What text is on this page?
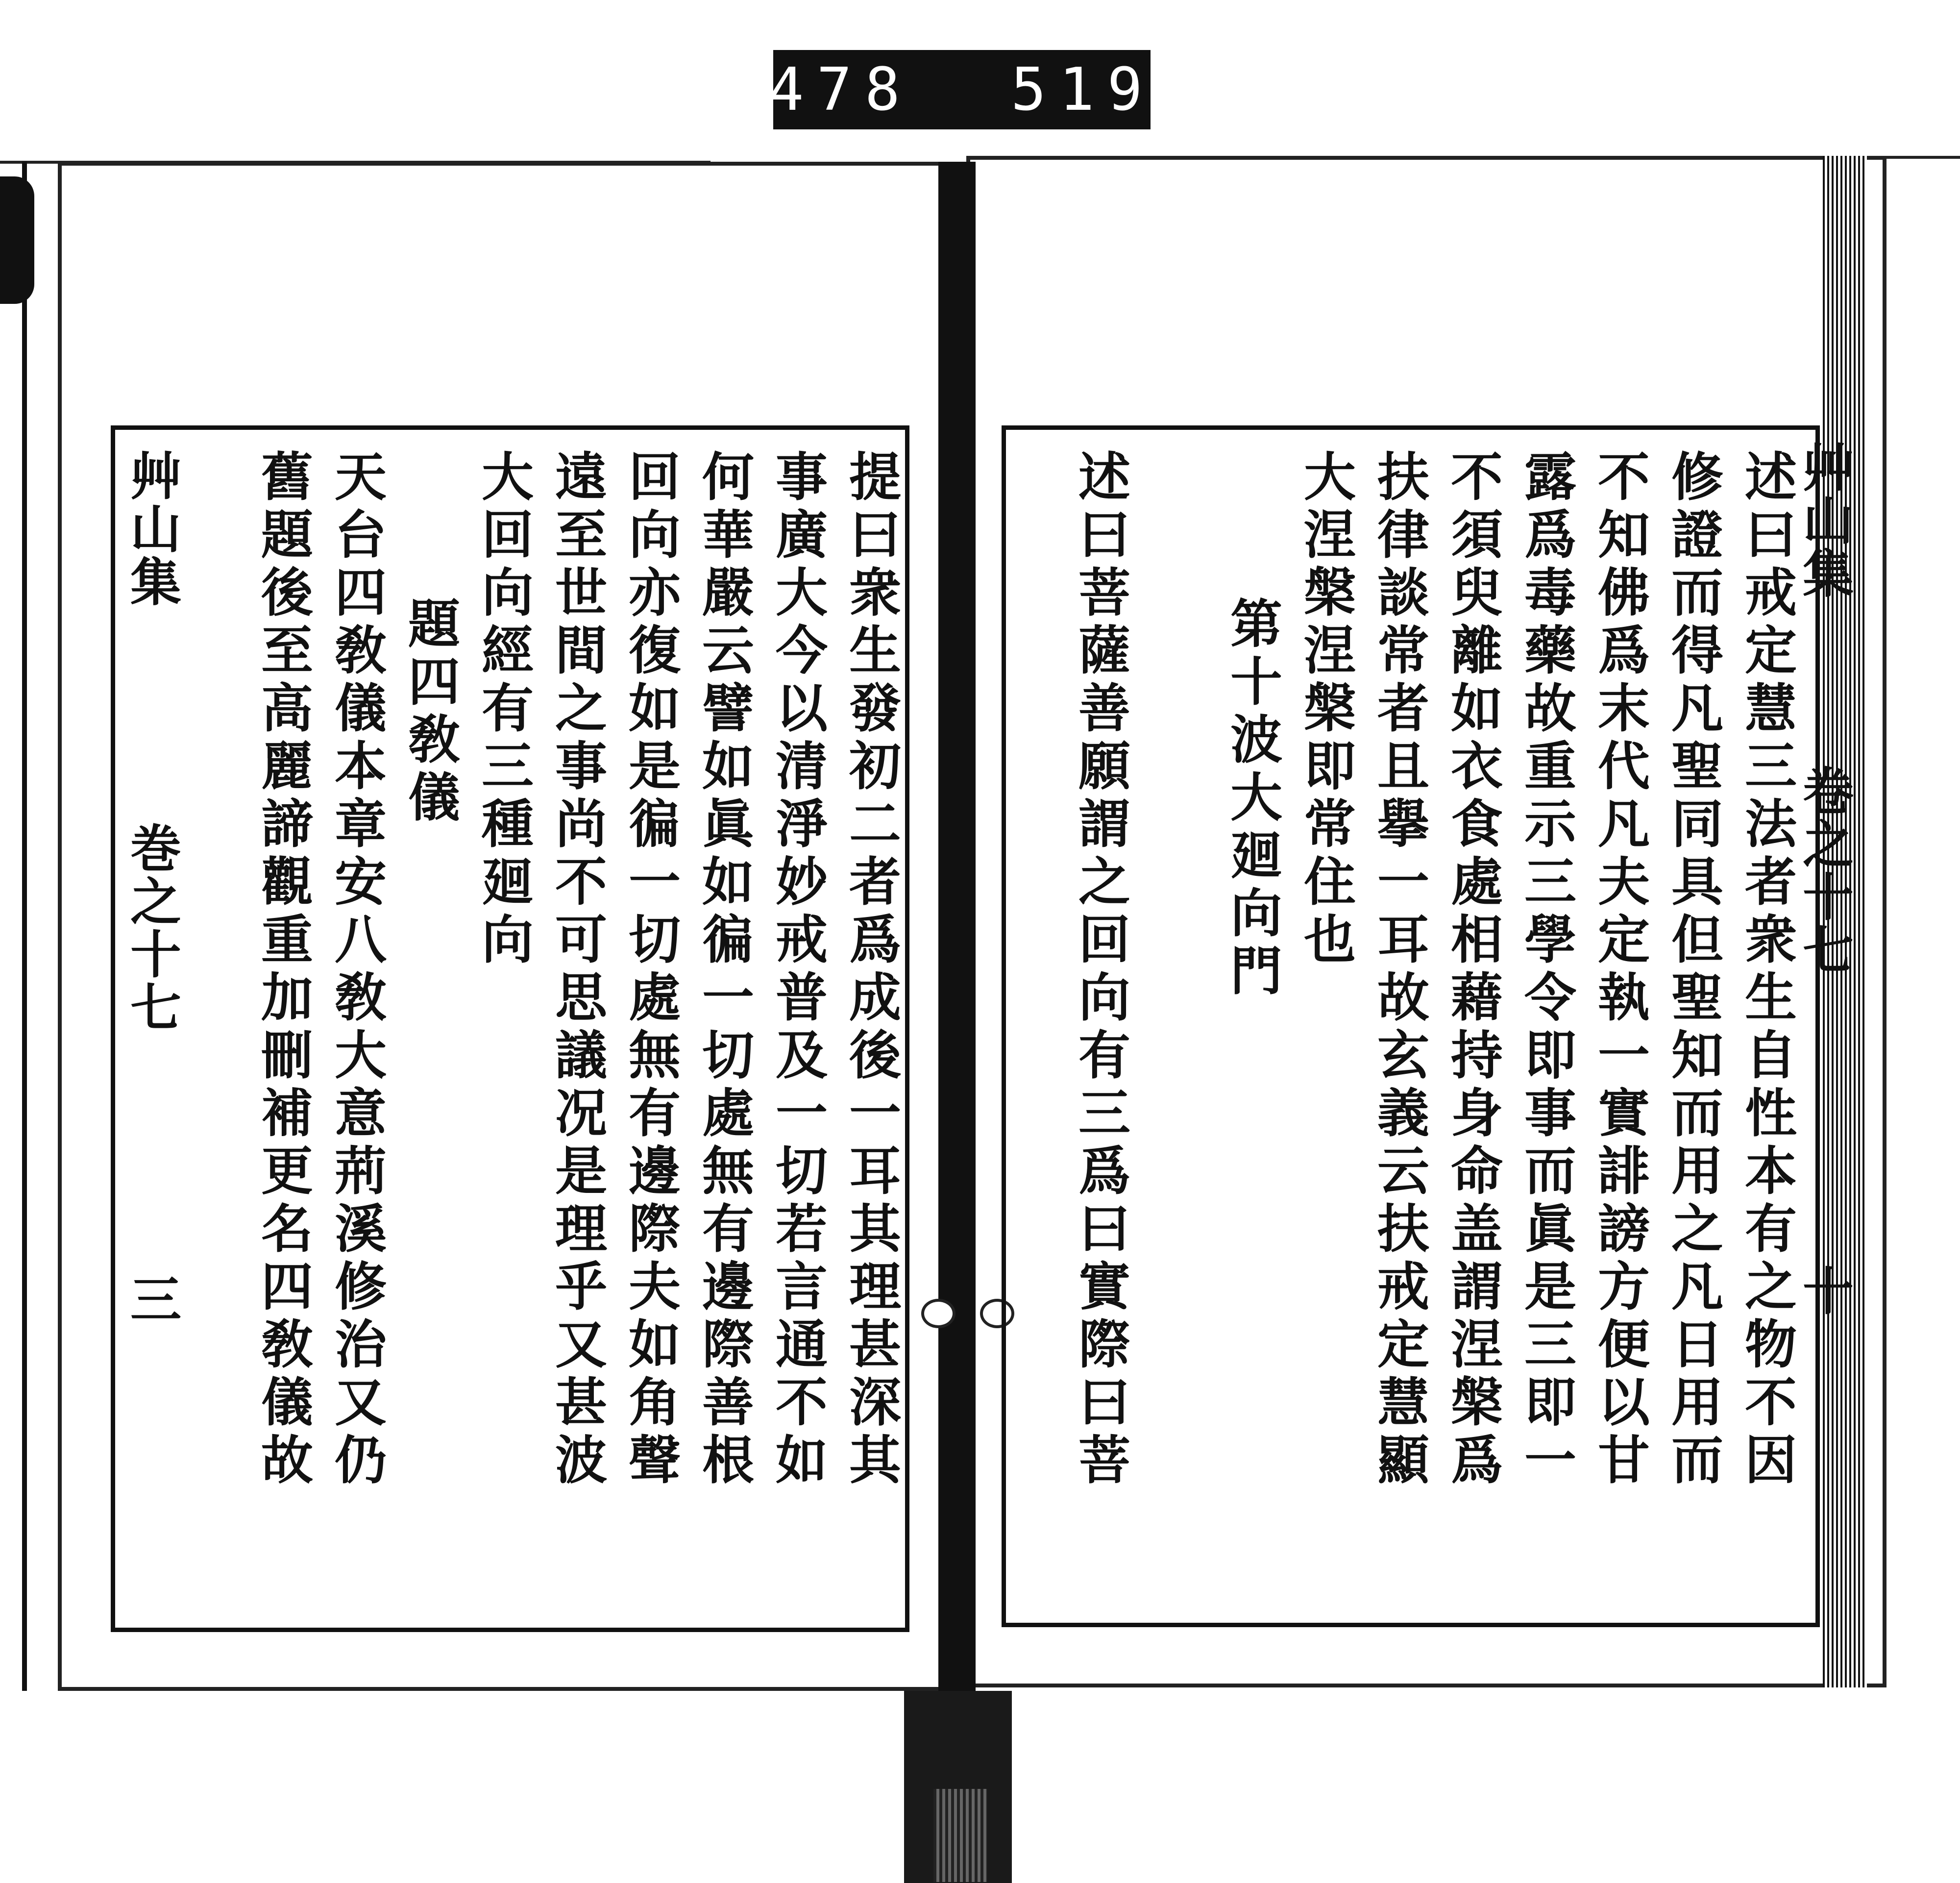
478 519
艸山集
巻之十七
三	提曰衆生發初二者爲成後一耳其理甚深其
事廣大今以清淨妙戒普及一切若言通不如
何華嚴云譬如眞如徧一切處無有邊際善根
回向亦復如是徧一切處無有邊際夫如角聲
遠至世間之事尚不可思議况是理乎又甚波
大回向經有三種廻向
題四敎儀
天台四敎儀本章安八敎大意荊溪修治又仍
舊題後至高麗諦觀重加刪補更名四敎儀故	述曰戒定慧三法者衆生自性本有之物不因
修證而得凡聖同具但聖知而用之凡日用而
不知佛爲末代凡夫定執一實誹謗方便以甘
露爲毒藥故重示三學令即事而眞是三即一
不須臾離如衣食處相藉持身命盖謂涅槃爲
扶律談常者且擧一耳故玄義云扶戒定慧顯
大涅槃涅槃即常住也
第十波大廻向門
述曰菩薩善願謂之回向有三爲曰實際曰菩	艸山集
卷之十七
十
